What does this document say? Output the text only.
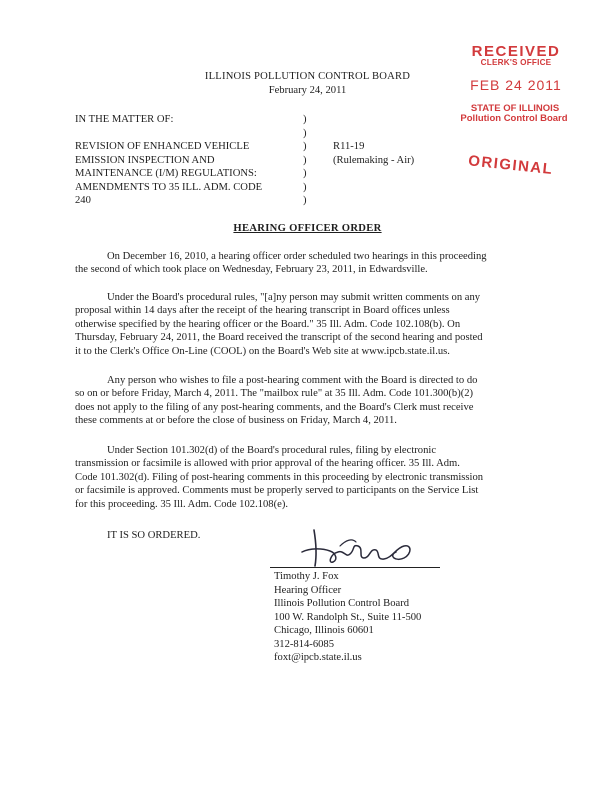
ILLINOIS POLLUTION CONTROL BOARD
February 24, 2011
RECEIVED
CLERK'S OFFICE
FEB 24 2011
STATE OF ILLINOIS
Pollution Control Board
ORIGINAL
IN THE MATTER OF:
REVISION OF ENHANCED VEHICLE
EMISSION INSPECTION AND
MAINTENANCE (I/M) REGULATIONS:
AMENDMENTS TO 35 ILL. ADM. CODE
240
)
)
)
)
)
)
)
R11-19
(Rulemaking - Air)
HEARING OFFICER ORDER
On December 16, 2010, a hearing officer order scheduled two hearings in this proceeding
the second of which took place on Wednesday, February 23, 2011, in Edwardsville.
Under the Board's procedural rules, "[a]ny person may submit written comments on any
proposal within 14 days after the receipt of the hearing transcript in Board offices unless
otherwise specified by the hearing officer or the Board." 35 Ill. Adm. Code 102.108(b). On
Thursday, February 24, 2011, the Board received the transcript of the second hearing and posted
it to the Clerk's Office On-Line (COOL) on the Board's Web site at www.ipcb.state.il.us.
Any person who wishes to file a post-hearing comment with the Board is directed to do
so on or before Friday, March 4, 2011. The "mailbox rule" at 35 Ill. Adm. Code 101.300(b)(2)
does not apply to the filing of any post-hearing comments, and the Board's Clerk must receive
these comments at or before the close of business on Friday, March 4, 2011.
Under Section 101.302(d) of the Board's procedural rules, filing by electronic
transmission or facsimile is allowed with prior approval of the hearing officer. 35 Ill. Adm.
Code 101.302(d). Filing of post-hearing comments in this proceeding by electronic transmission
or facsimile is approved. Comments must be properly served to participants on the Service List
for this proceeding. 35 Ill. Adm. Code 102.108(e).
IT IS SO ORDERED.
Timothy J. Fox
Hearing Officer
Illinois Pollution Control Board
100 W. Randolph St., Suite 11-500
Chicago, Illinois 60601
312-814-6085
foxt@ipcb.state.il.us
